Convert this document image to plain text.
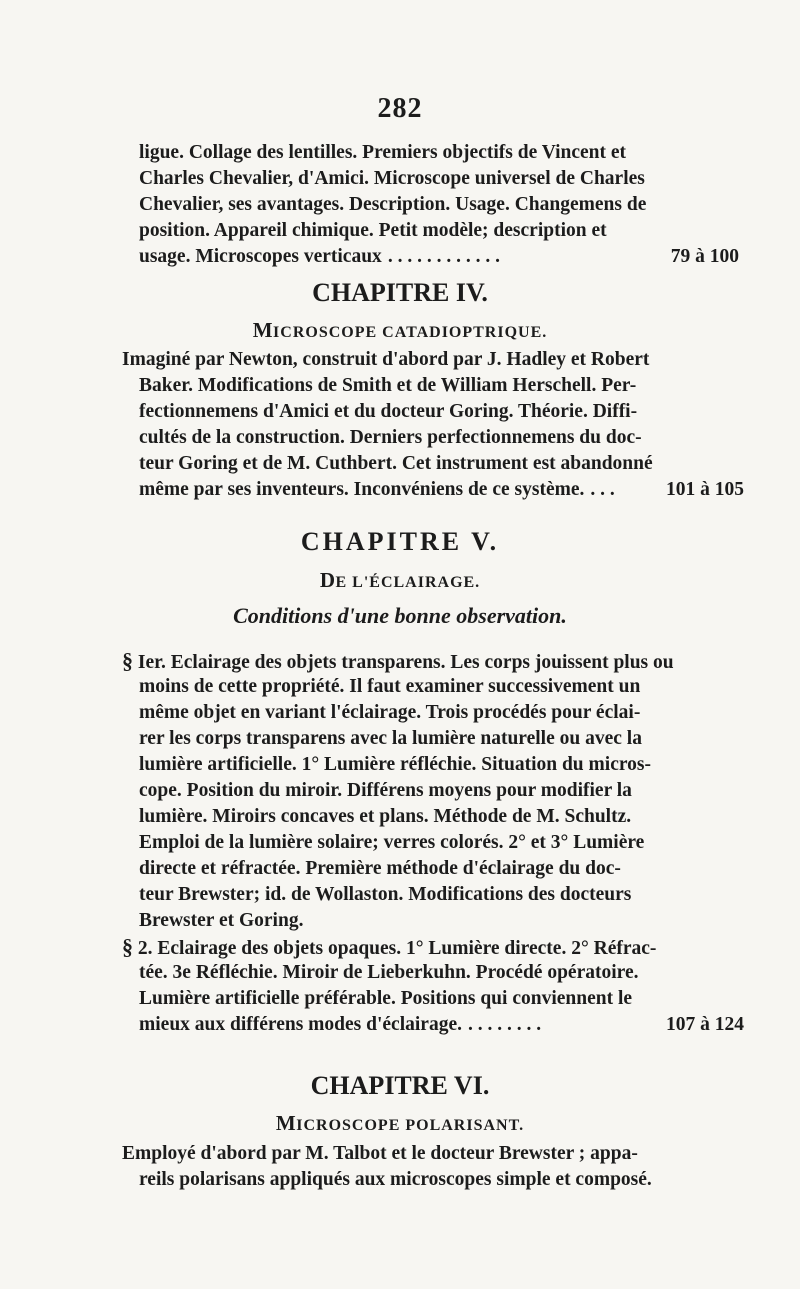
282
ligue. Collage des lentilles. Premiers objectifs de Vincent et
Charles Chevalier, d'Amici. Microscope universel de Charles
Chevalier, ses avantages. Description. Usage. Changemens de
position. Appareil chimique. Petit modèle; description et
usage. Microscopes verticaux . . . . . . . . . . . .	79 à 100
CHAPITRE IV.
MICROSCOPE CATADIOPTRIQUE.
Imaginé par Newton, construit d'abord par J. Hadley et Robert
Baker. Modifications de Smith et de William Herschell. Per-
fectionnemens d'Amici et du docteur Goring. Théorie. Diffi-
cultés de la construction. Derniers perfectionnemens du doc-
teur Goring et de M. Cuthbert. Cet instrument est abandonné
même par ses inventeurs. Inconvéniens de ce système. . . .	101 à 105
CHAPITRE V.
DE L'ÉCLAIRAGE.
Conditions d'une bonne observation.
§ Ier. Eclairage des objets transparens. Les corps jouissent plus ou
moins de cette propriété. Il faut examiner successivement un
même objet en variant l'éclairage. Trois procédés pour éclai-
rer les corps transparens avec la lumière naturelle ou avec la
lumière artificielle. 1° Lumière réfléchie. Situation du micros-
cope. Position du miroir. Différens moyens pour modifier la
lumière. Miroirs concaves et plans. Méthode de M. Schultz.
Emploi de la lumière solaire; verres colorés. 2° et 3° Lumière
directe et réfractée. Première méthode d'éclairage du doc-
teur Brewster; id. de Wollaston. Modifications des docteurs
Brewster et Goring.
§ 2. Eclairage des objets opaques. 1° Lumière directe. 2° Réfrac-
tée. 3e Réfléchie. Miroir de Lieberkuhn. Procédé opératoire.
Lumière artificielle préférable. Positions qui conviennent le
mieux aux différens modes d'éclairage. . . . . . . . .	107 à 124
CHAPITRE VI.
MICROSCOPE POLARISANT.
Employé d'abord par M. Talbot et le docteur Brewster ; appa-
reils polarisans appliqués aux microscopes simple et composé.
